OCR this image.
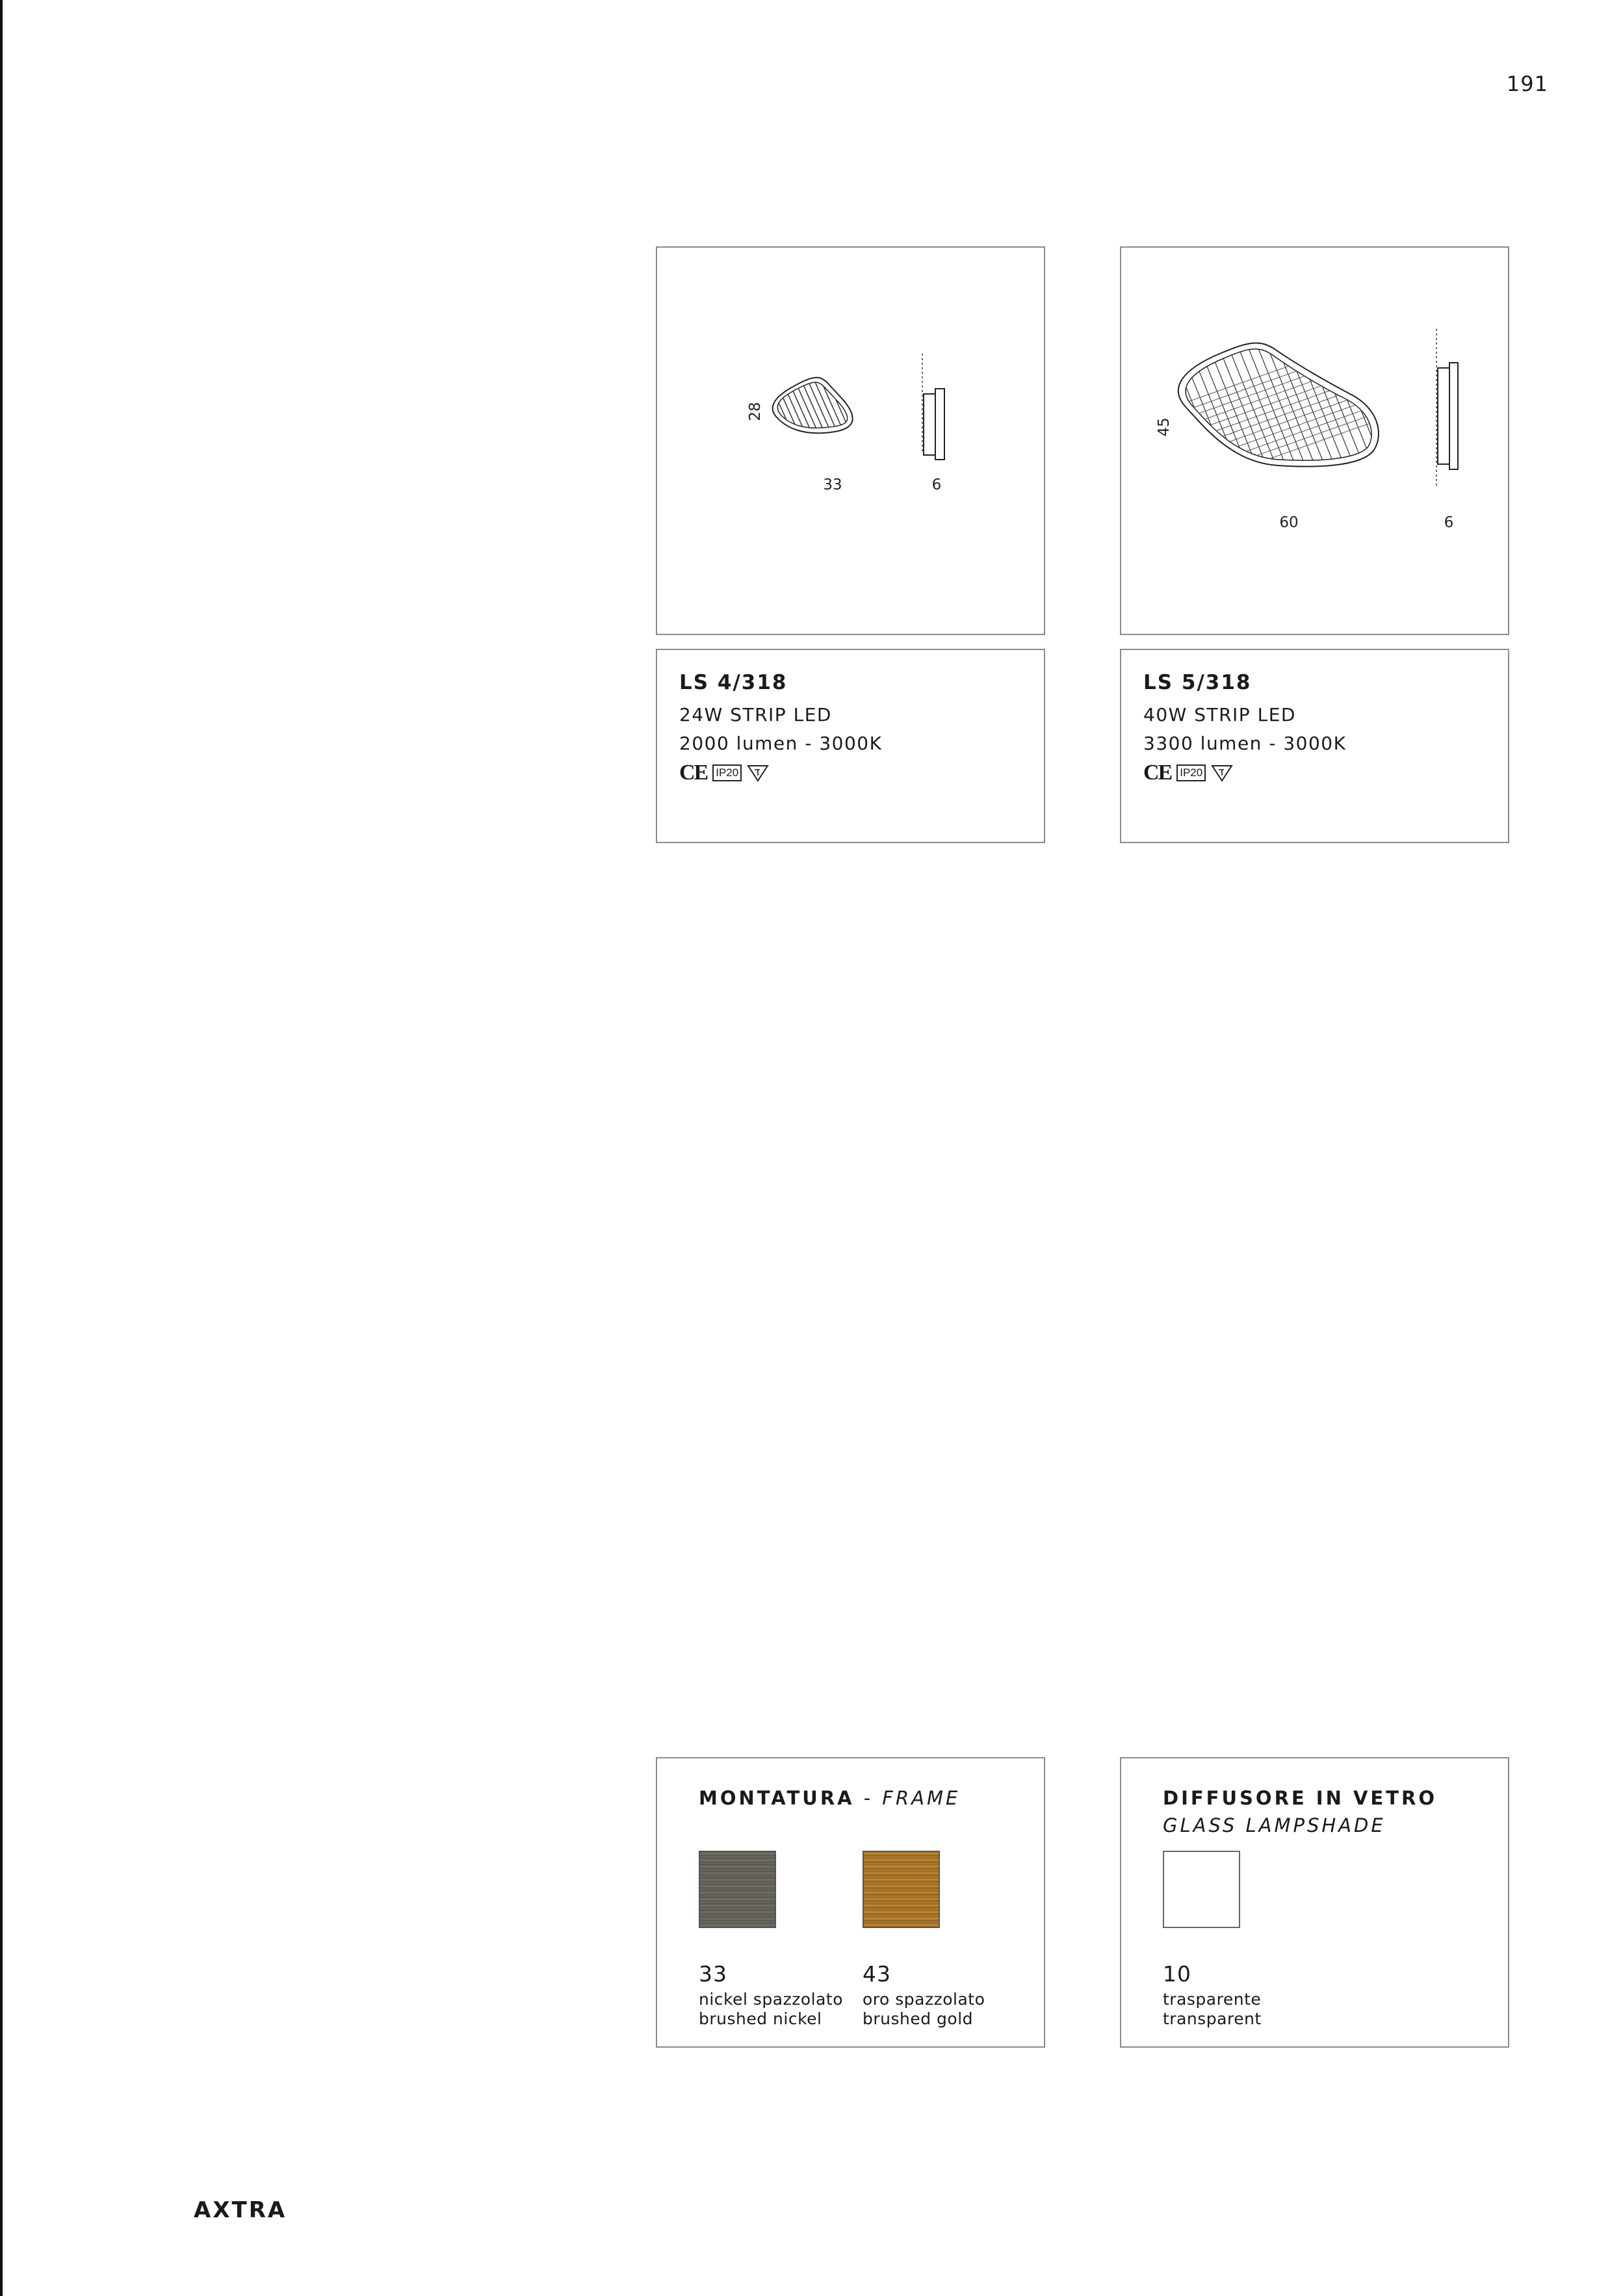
191
28
33	6
LS 4/318
24W STRIP LED
2000 lumen - 3000K
CE IP20
45
60	6
LS 5/318
40W STRIP LED
3300 lumen - 3000K
CE IP20
MONTATURA - FRAME
33
nickel spazzolato
brushed nickel
43
oro spazzolato
brushed gold
DIFFUSORE IN VETRO
GLASS LAMPSHADE
10
trasparente
transparent
AXTRA
